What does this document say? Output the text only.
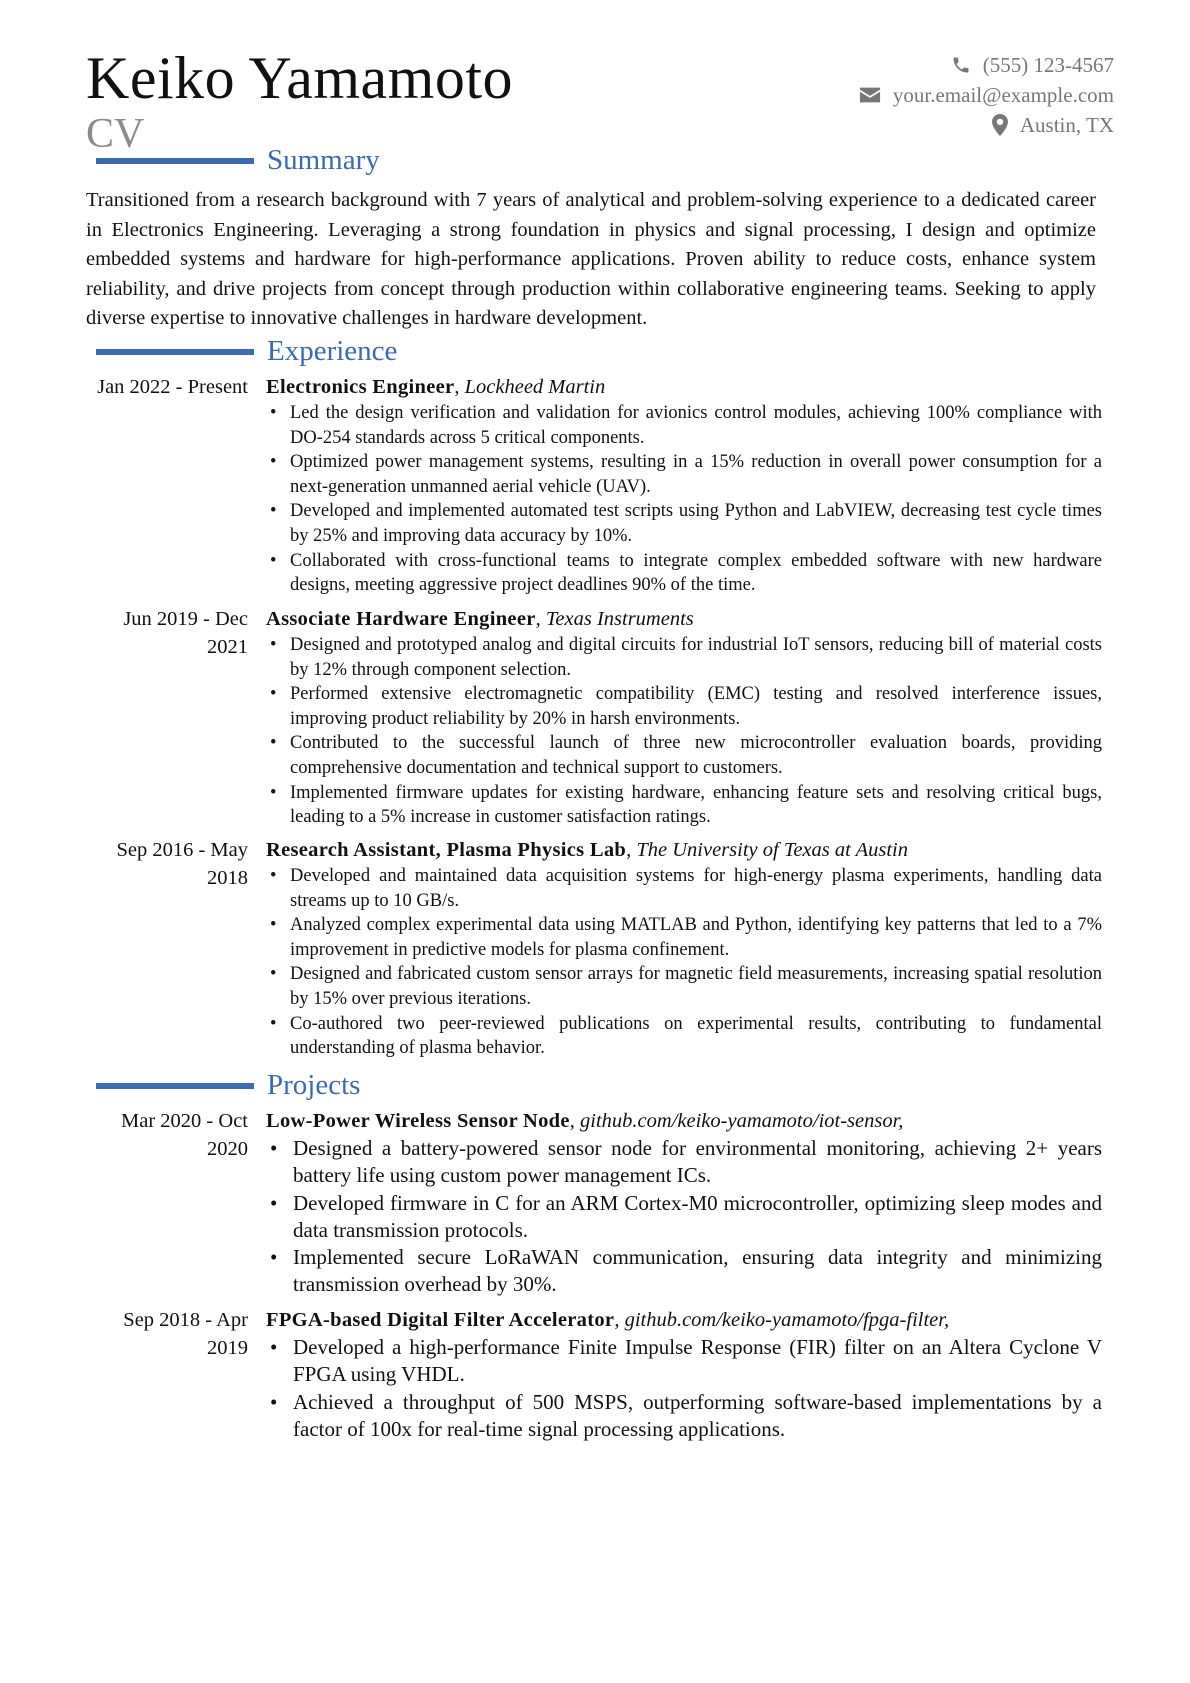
Keiko Yamamoto
CV
(555) 123-4567
your.email@example.com
Austin, TX
Summary
Transitioned from a research background with 7 years of analytical and problem-solving experience to a dedicated career in Electronics Engineering. Leveraging a strong foundation in physics and signal processing, I design and optimize embedded systems and hardware for high-performance applications. Proven ability to reduce costs, enhance system reliability, and drive projects from concept through production within collaborative engineering teams. Seeking to apply diverse expertise to innovative challenges in hardware development.
Experience
Jan 2022 - Present Electronics Engineer, Lockheed Martin
• Led the design verification and validation for avionics control modules, achieving 100% compliance with DO-254 standards across 5 critical components.
• Optimized power management systems, resulting in a 15% reduction in overall power consumption for a next-generation unmanned aerial vehicle (UAV).
• Developed and implemented automated test scripts using Python and LabVIEW, decreasing test cycle times by 25% and improving data accuracy by 10%.
• Collaborated with cross-functional teams to integrate complex embedded software with new hardware designs, meeting aggressive project deadlines 90% of the time.
Jun 2019 - Dec 2021
Associate Hardware Engineer, Texas Instruments
• Designed and prototyped analog and digital circuits for industrial IoT sensors, reducing bill of material costs by 12% through component selection.
• Performed extensive electromagnetic compatibility (EMC) testing and resolved interference issues, improving product reliability by 20% in harsh environments.
• Contributed to the successful launch of three new microcontroller evaluation boards, providing comprehensive documentation and technical support to customers.
• Implemented firmware updates for existing hardware, enhancing feature sets and resolving critical bugs, leading to a 5% increase in customer satisfaction ratings.
Sep 2016 - May 2018
Research Assistant, Plasma Physics Lab, The University of Texas at Austin
• Developed and maintained data acquisition systems for high-energy plasma experiments, handling data streams up to 10 GB/s.
• Analyzed complex experimental data using MATLAB and Python, identifying key patterns that led to a 7% improvement in predictive models for plasma confinement.
• Designed and fabricated custom sensor arrays for magnetic field measurements, increasing spatial resolution by 15% over previous iterations.
• Co-authored two peer-reviewed publications on experimental results, contributing to fundamental understanding of plasma behavior.
Projects
Mar 2020 - Oct 2020
Low-Power Wireless Sensor Node, github.com/keiko-yamamoto/iot-sensor,
• Designed a battery-powered sensor node for environmental monitoring, achieving 2+ years battery life using custom power management ICs.
• Developed firmware in C for an ARM Cortex-M0 microcontroller, optimizing sleep modes and data transmission protocols.
• Implemented secure LoRaWAN communication, ensuring data integrity and minimizing transmission overhead by 30%.
Sep 2018 - Apr 2019
FPGA-based Digital Filter Accelerator, github.com/keiko-yamamoto/fpga-filter,
• Developed a high-performance Finite Impulse Response (FIR) filter on an Altera Cyclone V FPGA using VHDL.
• Achieved a throughput of 500 MSPS, outperforming software-based implementations by a factor of 100x for real-time signal processing applications.
